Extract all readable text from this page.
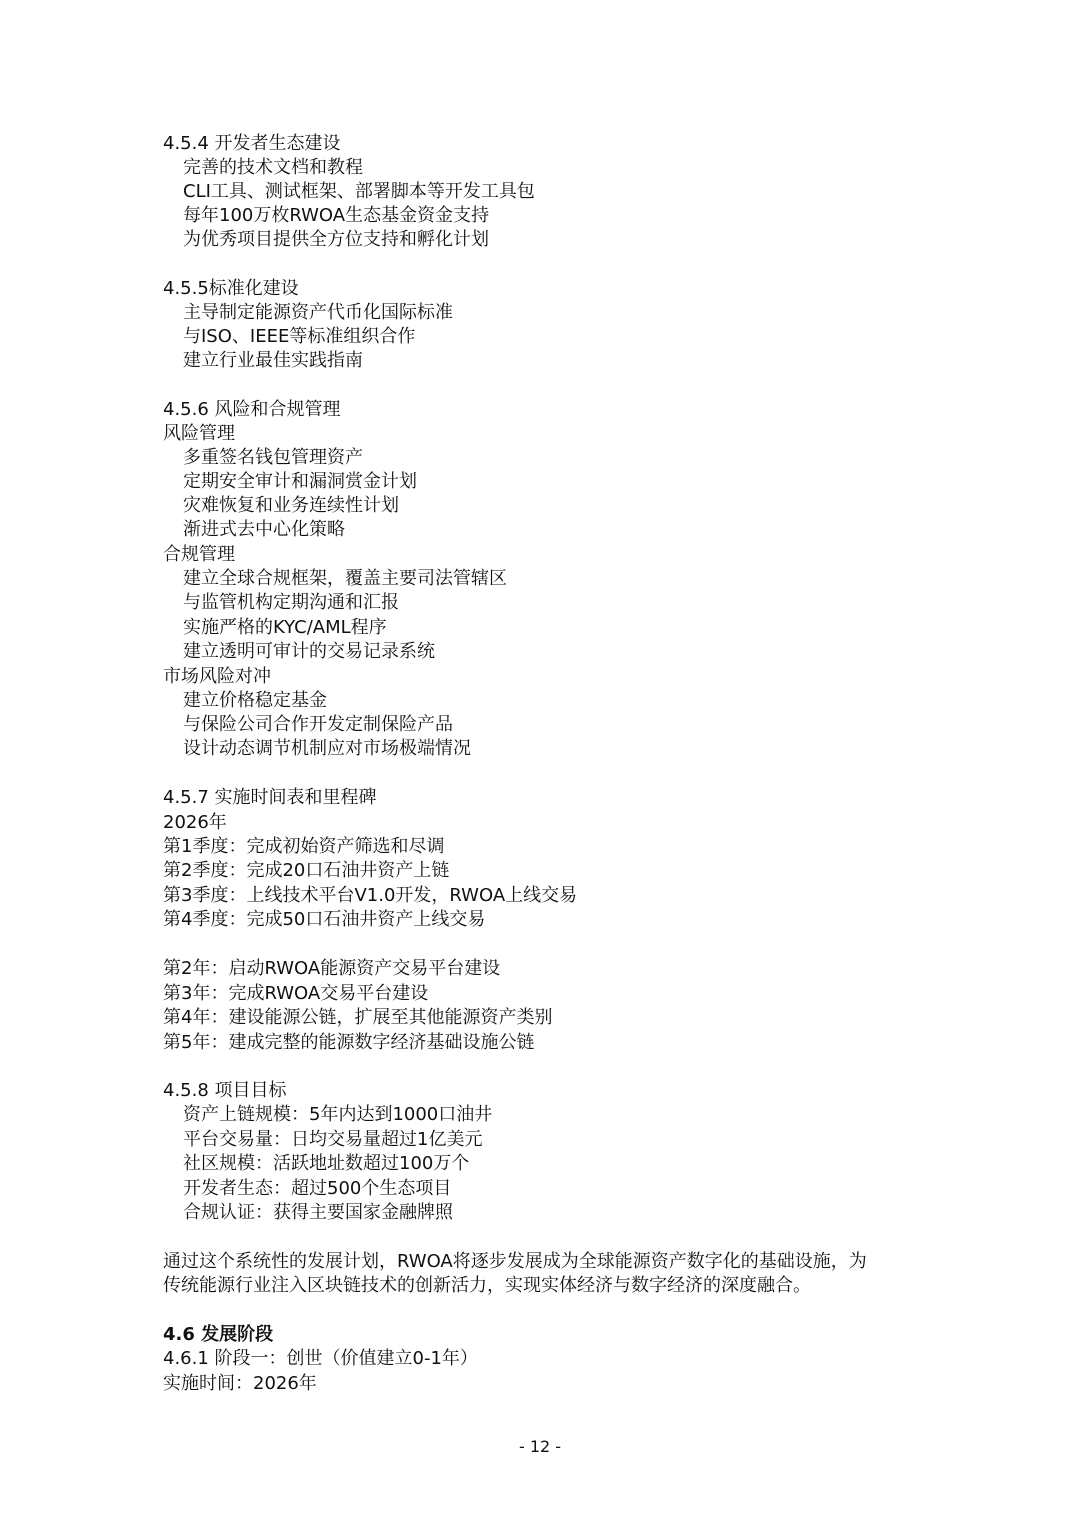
4.5.4 开发者生态建设
完善的技术文档和教程
CLI工具、测试框架、部署脚本等开发工具包
每年100万枚RWOA生态基金资金支持
为优秀项目提供全方位支持和孵化计划
4.5.5标准化建设
主导制定能源资产代币化国际标准
与ISO、IEEE等标准组织合作
建立行业最佳实践指南
4.5.6 风险和合规管理
风险管理
多重签名钱包管理资产
定期安全审计和漏洞赏金计划
灾难恢复和业务连续性计划
渐进式去中心化策略
合规管理
建立全球合规框架，覆盖主要司法管辖区
与监管机构定期沟通和汇报
实施严格的KYC/AML程序
建立透明可审计的交易记录系统
市场风险对冲
建立价格稳定基金
与保险公司合作开发定制保险产品
设计动态调节机制应对市场极端情况
4.5.7 实施时间表和里程碑
2026年
第1季度：完成初始资产筛选和尽调
第2季度：完成20口石油井资产上链
第3季度：上线技术平台V1.0开发，RWOA上线交易
第4季度：完成50口石油井资产上线交易
第2年：启动RWOA能源资产交易平台建设
第3年：完成RWOA交易平台建设
第4年：建设能源公链，扩展至其他能源资产类别
第5年：建成完整的能源数字经济基础设施公链
4.5.8 项目目标
资产上链规模：5年内达到1000口油井
平台交易量：日均交易量超过1亿美元
社区规模：活跃地址数超过100万个
开发者生态：超过500个生态项目
合规认证：获得主要国家金融牌照
通过这个系统性的发展计划，RWOA将逐步发展成为全球能源资产数字化的基础设施，为
传统能源行业注入区块链技术的创新活力，实现实体经济与数字经济的深度融合。
4.6 发展阶段
4.6.1 阶段一：创世（价值建立0-1年）
实施时间：2026年
- 12 -
